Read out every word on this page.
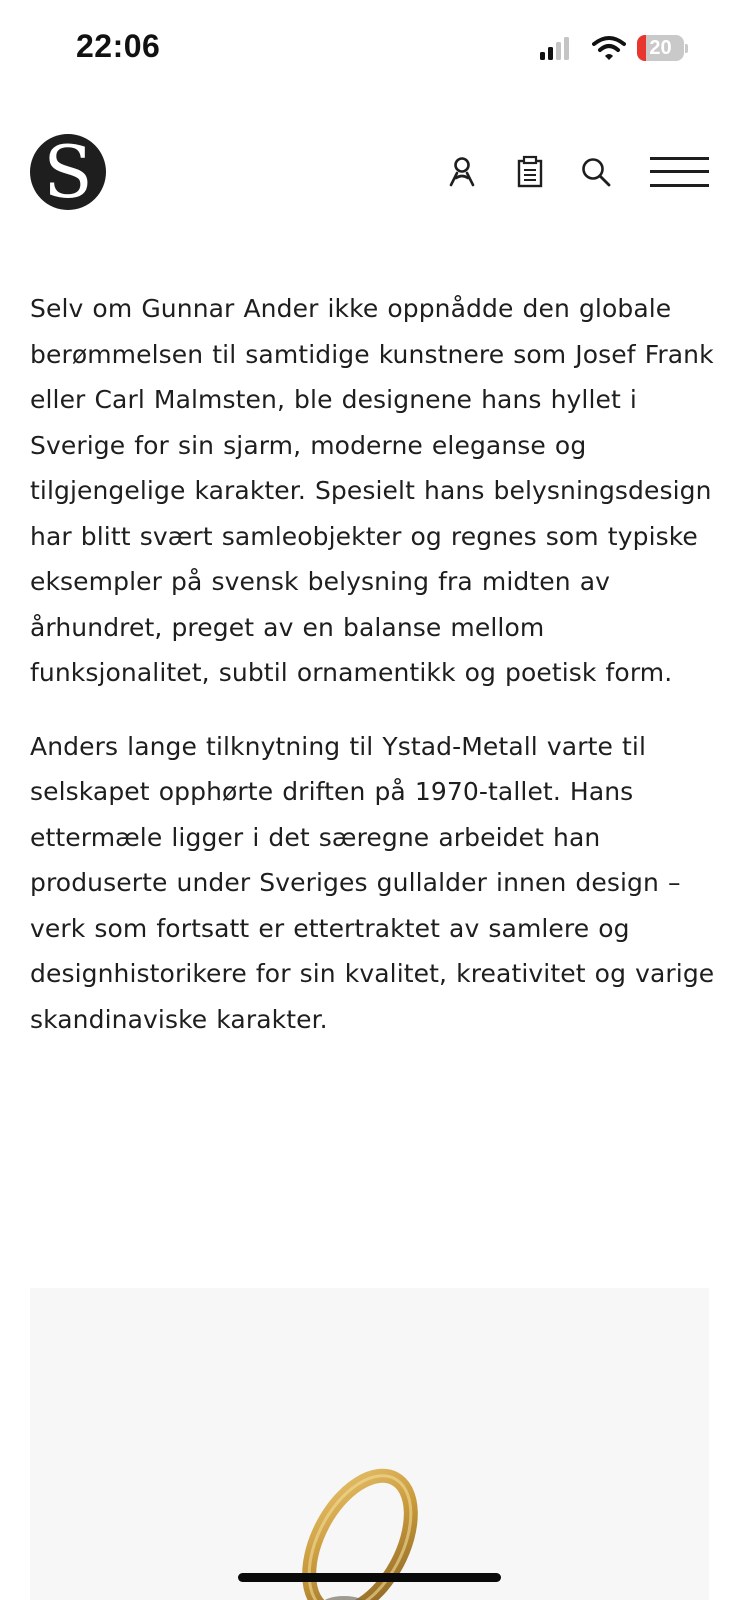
22:06	20
S

Selv om Gunnar Ander ikke oppnådde den globale berømmelsen til samtidige kunstnere som Josef Frank eller Carl Malmsten, ble designene hans hyllet i Sverige for sin sjarm, moderne eleganse og tilgjengelige karakter. Spesielt hans belysningsdesign har blitt svært samleobjekter og regnes som typiske eksempler på svensk belysning fra midten av århundret, preget av en balanse mellom funksjonalitet, subtil ornamentikk og poetisk form.

Anders lange tilknytning til Ystad-Metall varte til selskapet opphørte driften på 1970-tallet. Hans ettermæle ligger i det særegne arbeidet han produserte under Sveriges gullalder innen design – verk som fortsatt er ettertraktet av samlere og designhistorikere for sin kvalitet, kreativitet og varige skandinaviske karakter.
